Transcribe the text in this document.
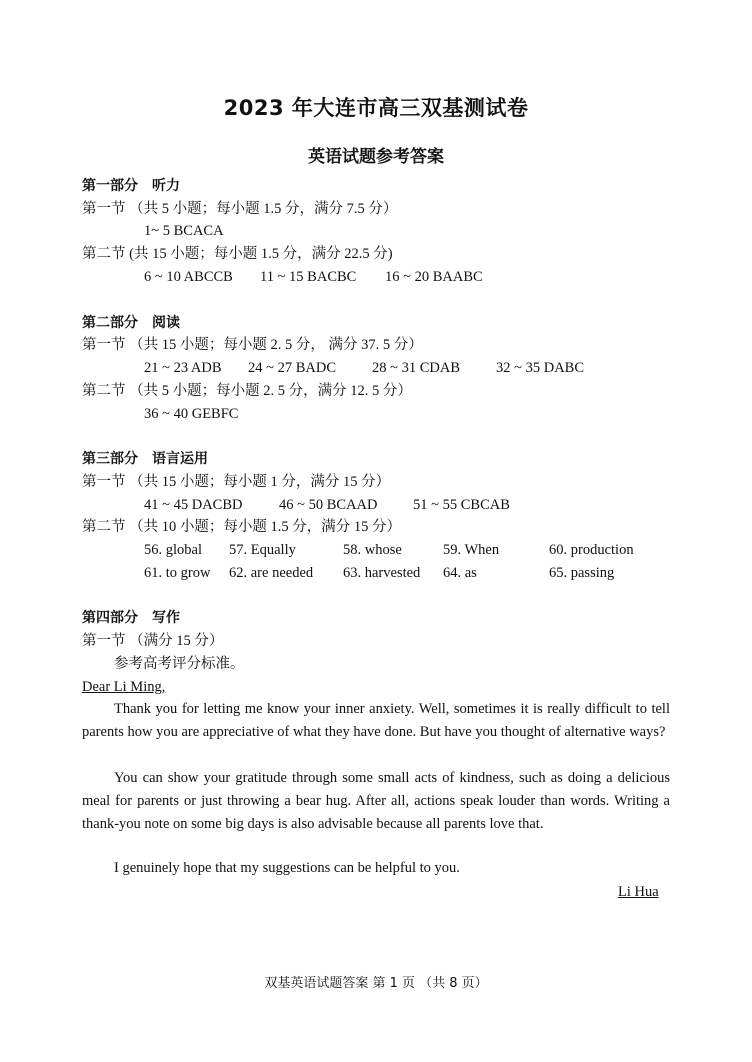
2023 年大连市高三双基测试卷
英语试题参考答案
第一部分 听力
第一节 （共 5 小题；每小题 1.5 分，满分 7.5 分）
1~ 5 BCACA
第二节 (共 15 小题；每小题 1.5 分，满分 22.5 分)
6 ~ 10 ABCCB 11 ~ 15 BACBC 16 ~ 20 BAABC
第二部分 阅读
第一节 （共 15 小题；每小题 2. 5 分， 满分 37. 5 分）
21 ~ 23 ADB 24 ~ 27 BADC 28 ~ 31 CDAB 32 ~ 35 DABC
第二节 （共 5 小题；每小题 2. 5 分，满分 12. 5 分）
36 ~ 40 GEBFC
第三部分 语言运用
第一节 （共 15 小题；每小题 1 分，满分 15 分）
41 ~ 45 DACBD	46 ~ 50 BCAAD 51 ~ 55 CBCAB
第二节 （共 10 小题；每小题 1.5 分，满分 15 分）
56. global 57. Equally	58. whose	59. When	60. production
61. to grow 62. are needed 63. harvested 64. as	65. passing
第四部分 写作
第一节 （满分 15 分）
参考高考评分标准。
Dear Li Ming,
Thank you for letting me know your inner anxiety. Well, sometimes it is really difficult to tell parents how you are appreciative of what they have done. But have you thought of alternative ways?
You can show your gratitude through some small acts of kindness, such as doing a delicious meal for parents or just throwing a bear hug. After all, actions speak louder than words. Writing a thank-you note on some big days is also advisable because all parents love that.
I genuinely hope that my suggestions can be helpful to you.
Li Hua
双基英语试题答案 第 1 页 （共 8 页）
